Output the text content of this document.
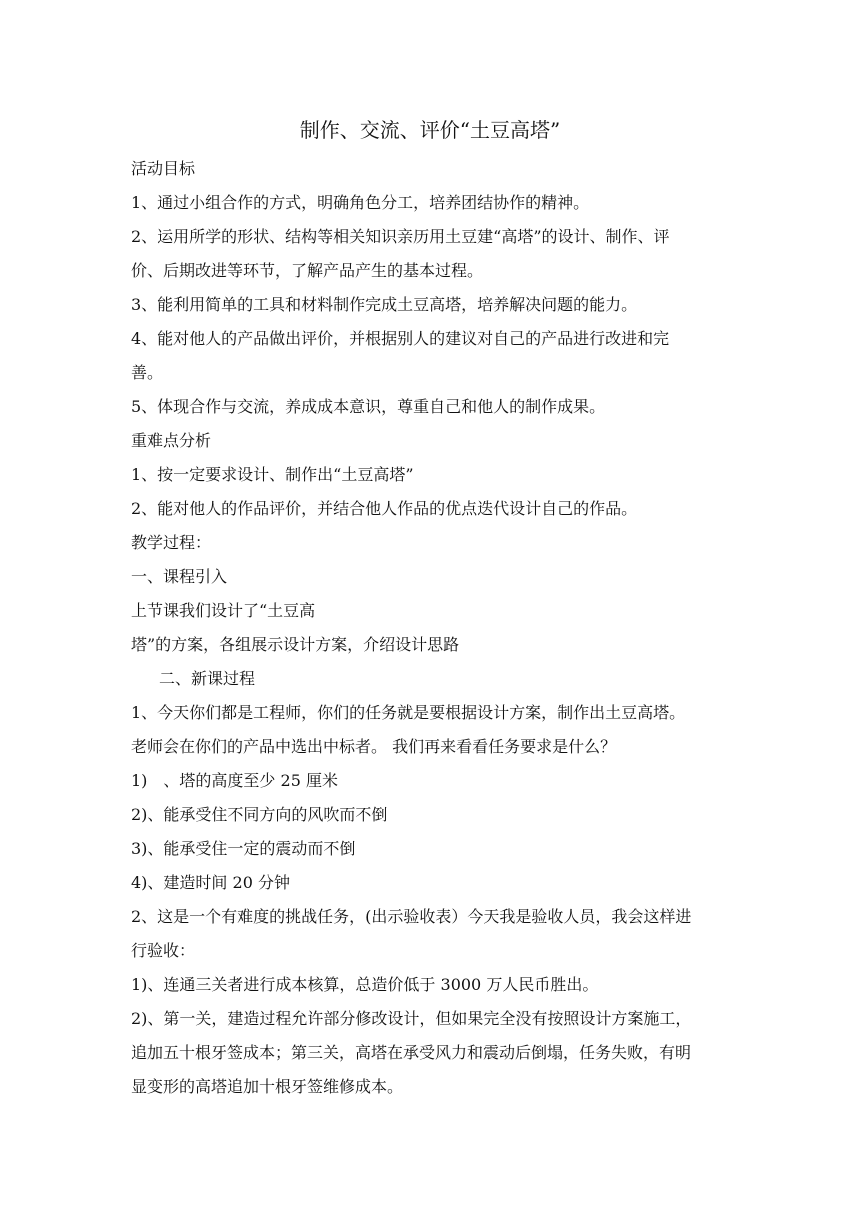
制作、交流、评价“土豆高塔”
活动目标
1、通过小组合作的方式，明确角色分工，培养团结协作的精神。
2、运用所学的形状、结构等相关知识亲历用土豆建“高塔”的设计、制作、评
价、后期改进等环节，了解产品产生的基本过程。
3、能利用简单的工具和材料制作完成土豆高塔，培养解决问题的能力。
4、能对他人的产品做出评价，并根据别人的建议对自己的产品进行改进和完
善。
5、体现合作与交流，养成成本意识，尊重自己和他人的制作成果。
重难点分析
1、按一定要求设计、制作出“土豆高塔”
2、能对他人的作品评价，并结合他人作品的优点迭代设计自己的作品。
教学过程：
一、课程引入
上节课我们设计了“土豆高
塔”的方案，各组展示设计方案，介绍设计思路
二、新课过程
1、今天你们都是工程师，你们的任务就是要根据设计方案，制作出土豆高塔。
老师会在你们的产品中选出中标者。 我们再来看看任务要求是什么？
1)　、塔的高度至少 25 厘米
2)、能承受住不同方向的风吹而不倒
3)、能承受住一定的震动而不倒
4)、建造时间 20 分钟
2、这是一个有难度的挑战任务，(出示验收表）今天我是验收人员，我会这样进
行验收：
1)、连通三关者进行成本核算，总造价低于 3000 万人民币胜出。
2)、第一关，建造过程允许部分修改设计，但如果完全没有按照设计方案施工，
追加五十根牙签成本；第三关，高塔在承受风力和震动后倒塌，任务失败，有明
显变形的高塔追加十根牙签维修成本。
